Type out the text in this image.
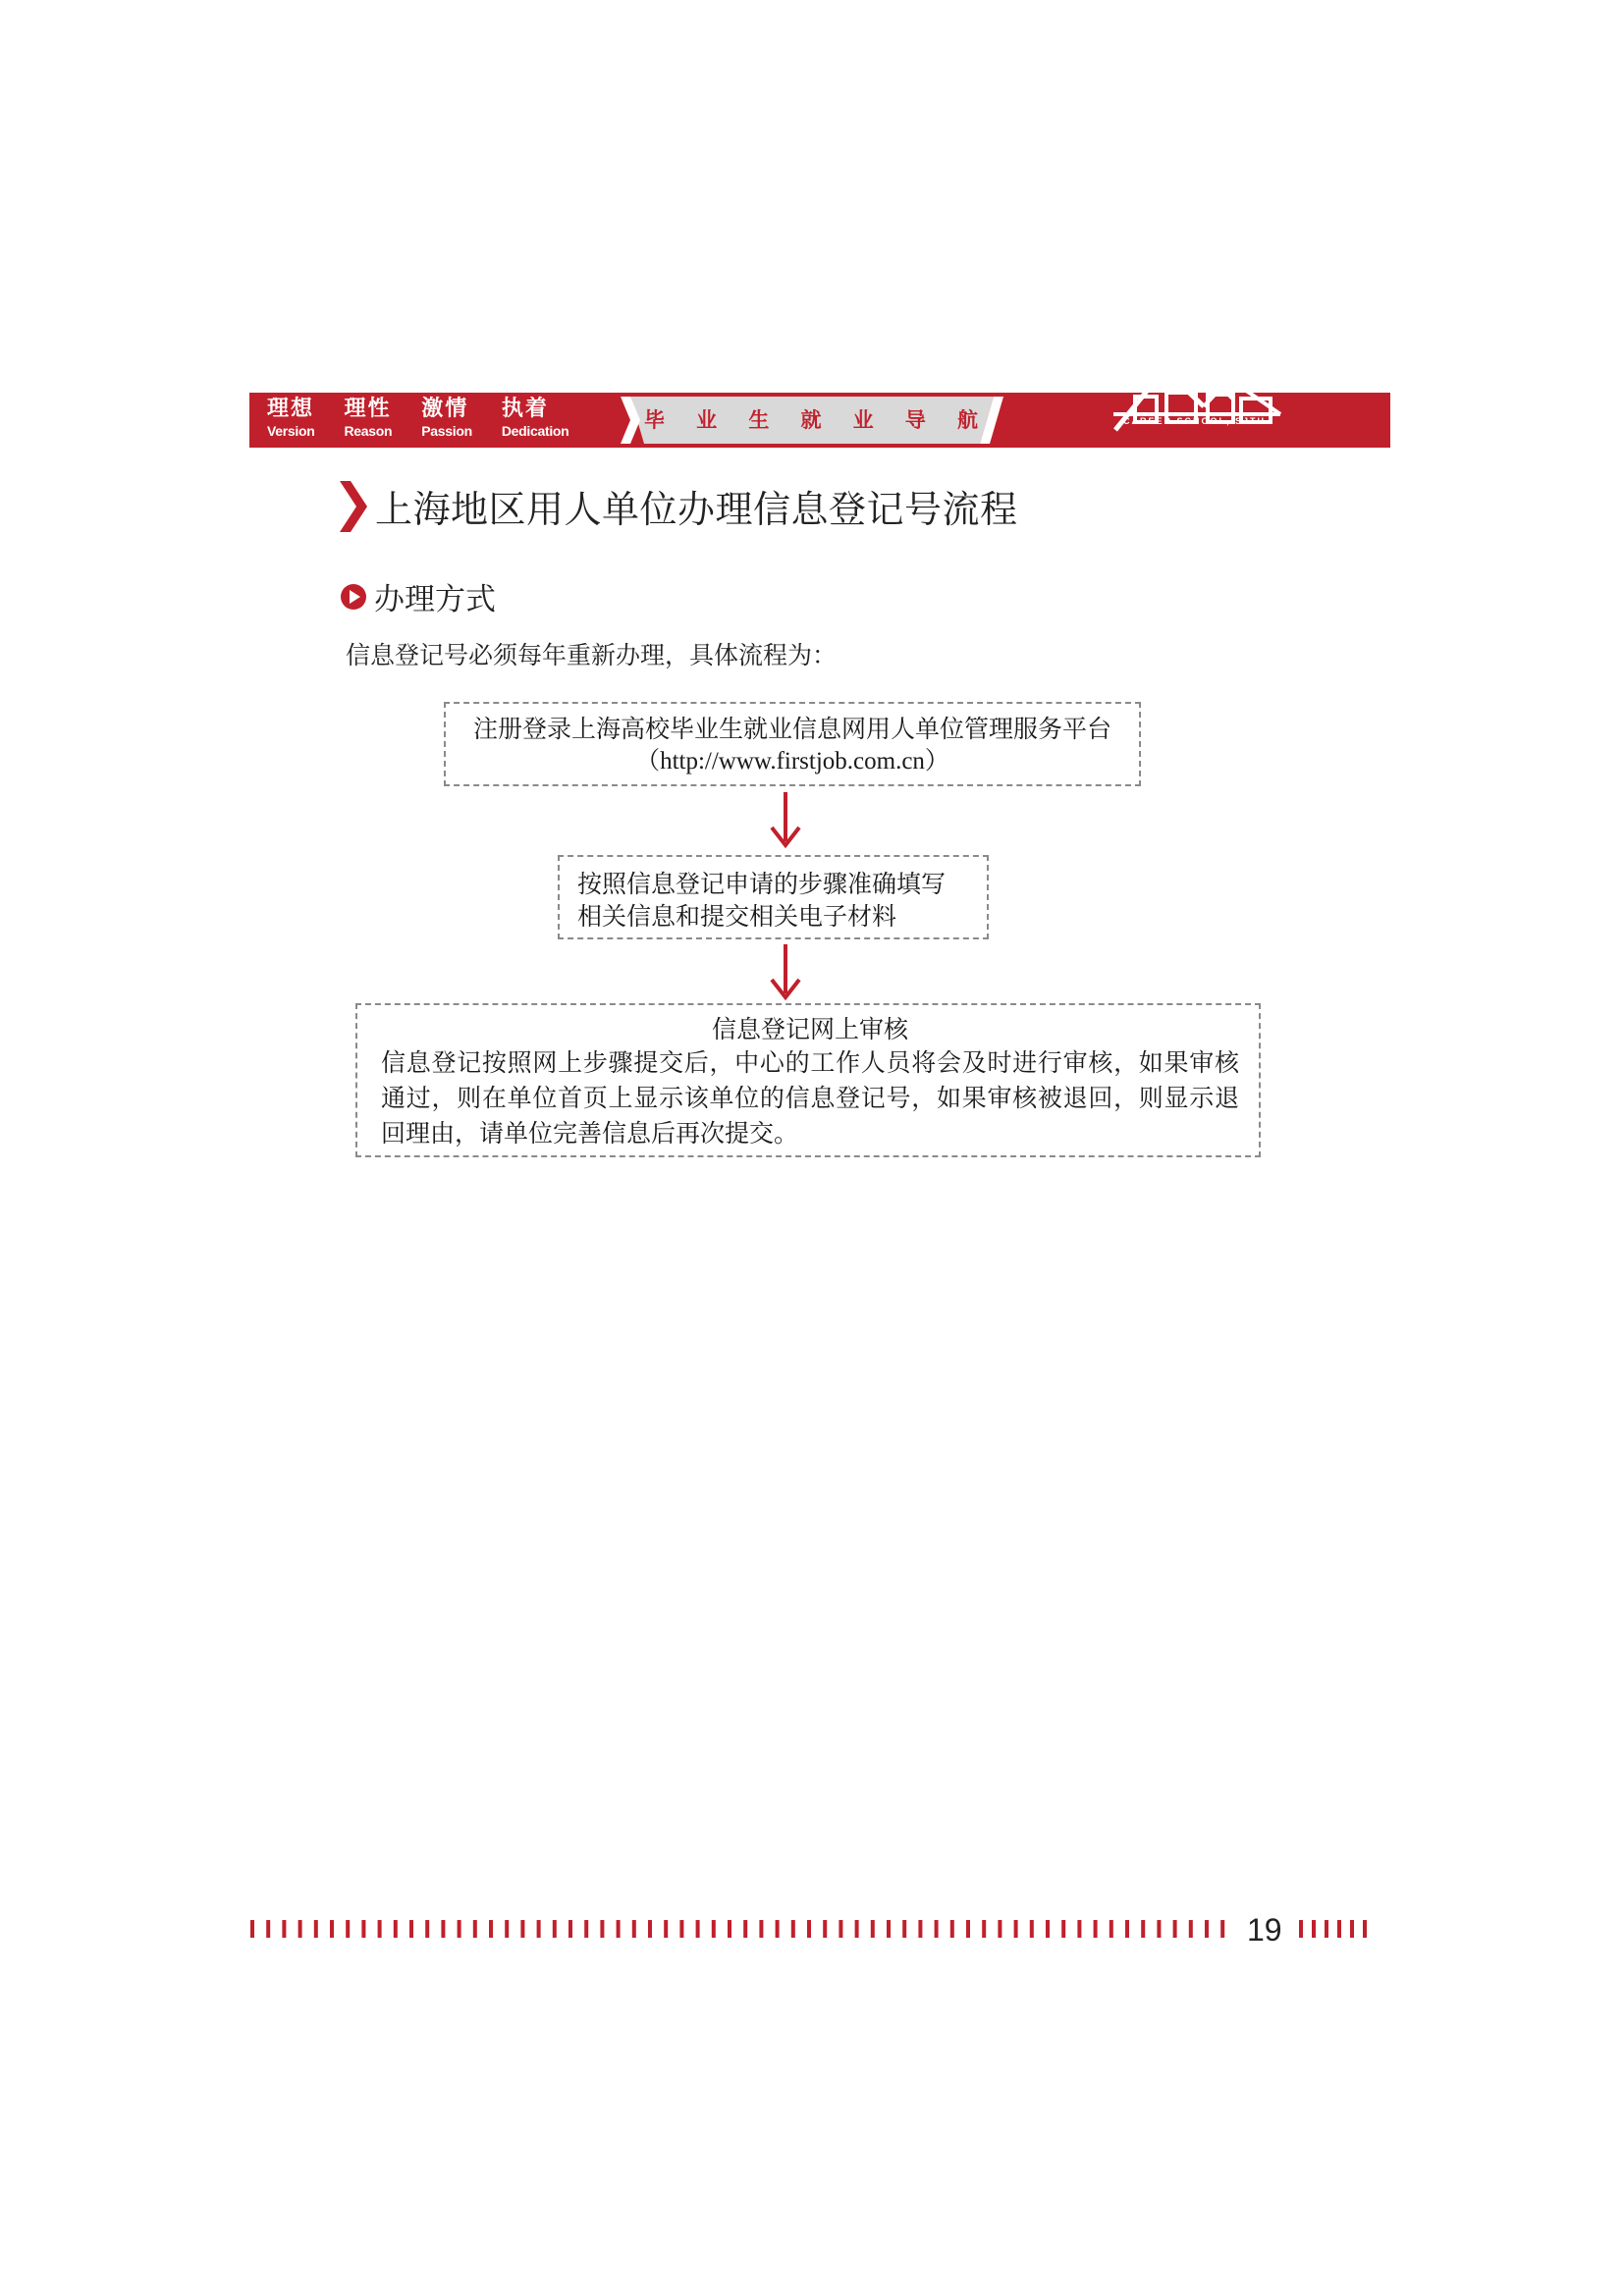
理想
Version
理性
Reason
激情
Passion
执着
Dedication	毕 业 生 就 业 导 航	CAREER SCHOOL, SJTU
上海地区用人单位办理信息登记号流程
办理方式
信息登记号必须每年重新办理，具体流程为：
注册登录上海高校毕业生就业信息网用人单位管理服务平台
（http://www.firstjob.com.cn）
按照信息登记申请的步骤准确填写
相关信息和提交相关电子材料
信息登记网上审核
信息登记按照网上步骤提交后，中心的工作人员将会及时进行审核，如果审核通过，则在单位首页上显示该单位的信息登记号，如果审核被退回，则显示退回理由，请单位完善信息后再次提交。
19
